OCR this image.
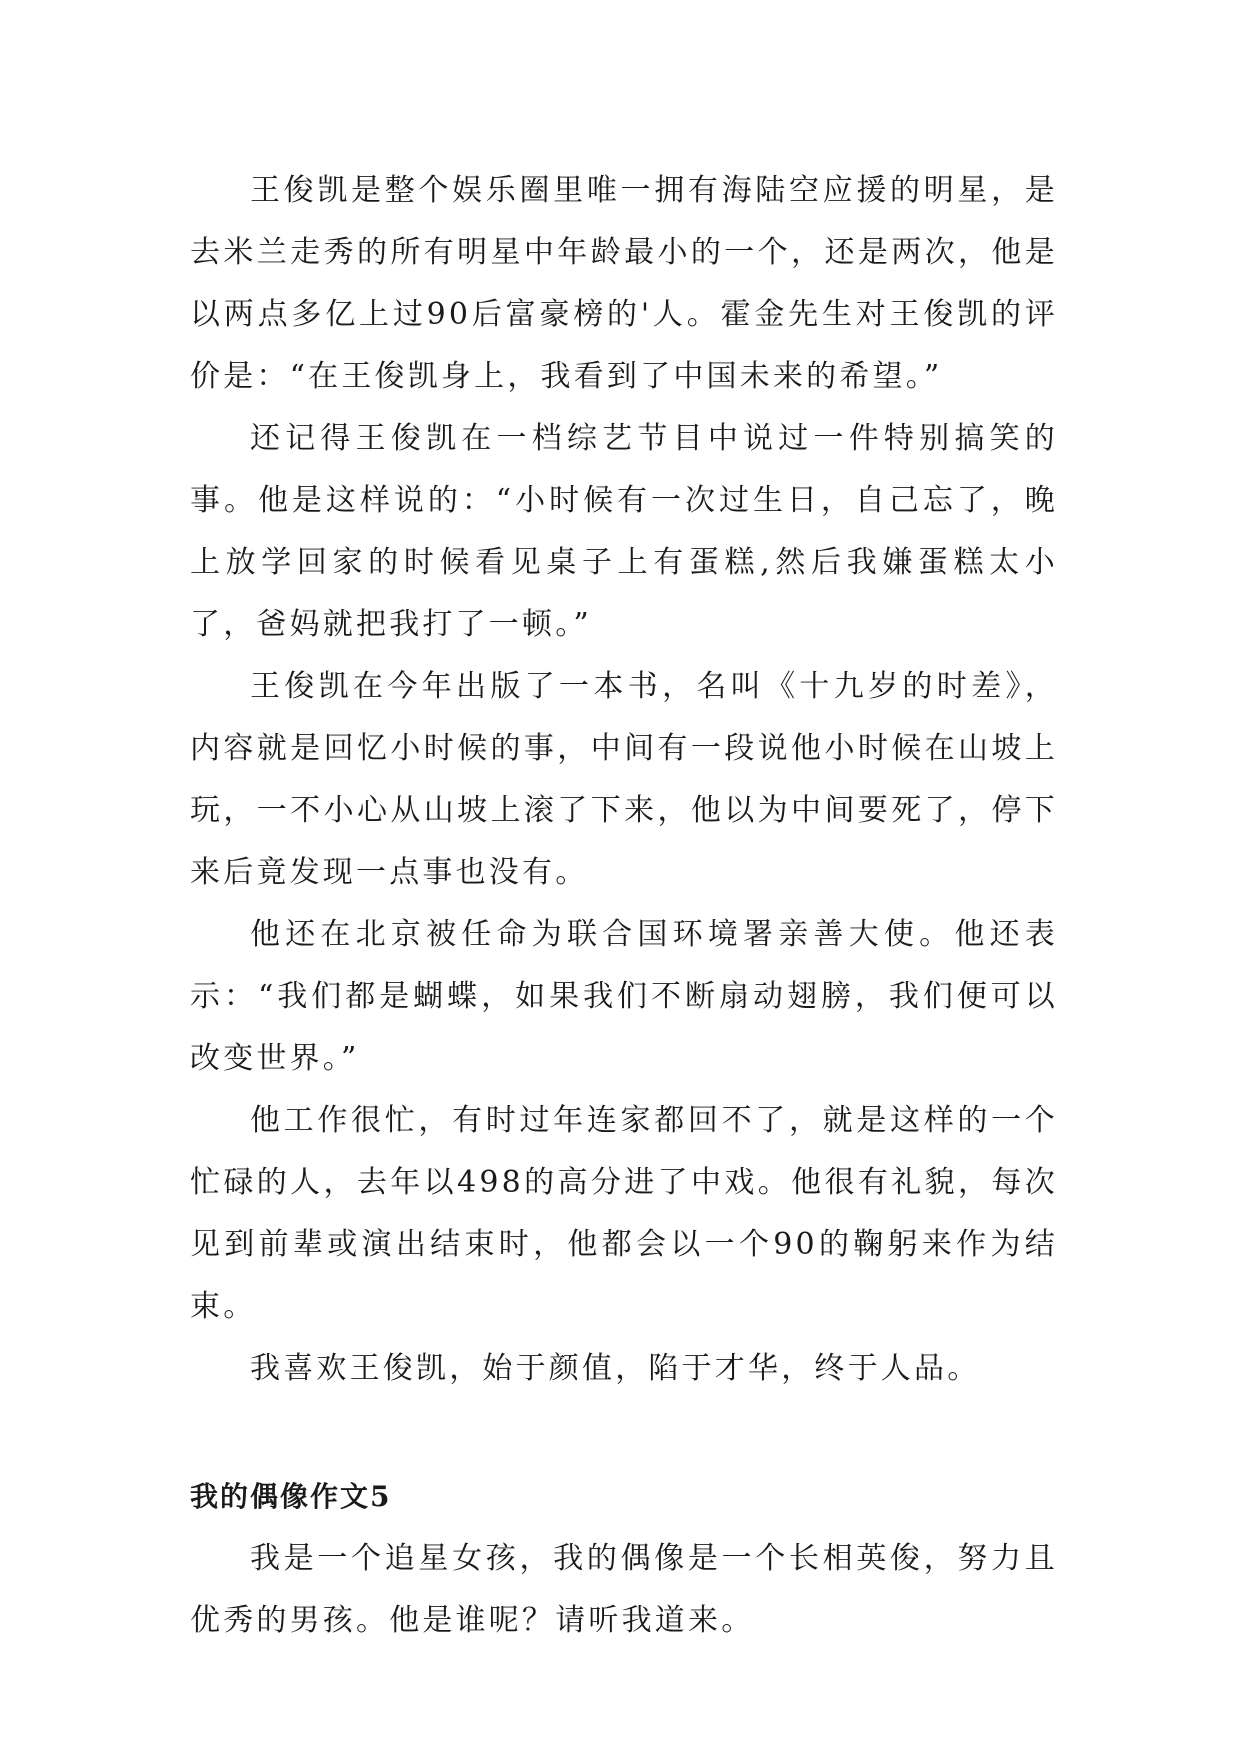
王俊凯是整个娱乐圈里唯一拥有海陆空应援的明星，是去米兰走秀的所有明星中年龄最小的一个，还是两次，他是以两点多亿上过90后富豪榜的'人。霍金先生对王俊凯的评价是：“在王俊凯身上，我看到了中国未来的希望。”

还记得王俊凯在一档综艺节目中说过一件特别搞笑的事。他是这样说的：“小时候有一次过生日，自己忘了，晚上放学回家的时候看见桌子上有蛋糕,然后我嫌蛋糕太小了，爸妈就把我打了一顿。”

王俊凯在今年出版了一本书，名叫《十九岁的时差》，内容就是回忆小时候的事，中间有一段说他小时候在山坡上玩，一不小心从山坡上滚了下来，他以为中间要死了，停下来后竟发现一点事也没有。

他还在北京被任命为联合国环境署亲善大使。他还表示：“我们都是蝴蝶，如果我们不断扇动翅膀，我们便可以改变世界。”

他工作很忙，有时过年连家都回不了，就是这样的一个忙碌的人，去年以498的高分进了中戏。他很有礼貌，每次见到前辈或演出结束时，他都会以一个90的鞠躬来作为结束。

我喜欢王俊凯，始于颜值，陷于才华，终于人品。

我的偶像作文5

我是一个追星女孩，我的偶像是一个长相英俊，努力且优秀的男孩。他是谁呢？请听我道来。
